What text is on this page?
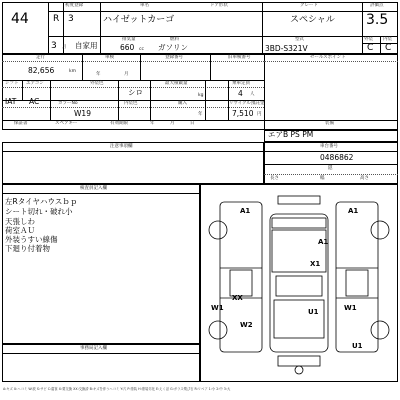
44
初度登録
R 3
ドア形状
車名
ハイゼットカーゴ
グレード
スペシャル
評価点
3.5
3 月 自家用
排気量
660 cc
燃料
ガソリン
型式
3BD-S321V
外装 内装
C C
走行
82,656	km
車検
年	月
登録番号	旧車検番号	セールスポイント
シフト エアコン
IAT AC
外装色
シロ
最大積載量
kg
乗車定員
4 人
カラーNo
W19
内装色	購入
年
リサイクル預託金
7,510 円
保証書	スペアキー	有効期限	年	月	日	装備
エアB PS PM
注意事項欄	車台番号
0486862
隠
長さ	幅	高さ
検査員記入欄
左Rタイヤハウスｂｐ
シート切れ・破れ小
天張しわ
荷室ＡＵ
外装うすい線傷
下廻り付着物
事務局記入欄
A1	A1
A1
X1
XX
W1
W2
W1
U1
U1
A:キズ U:ヘコミ W:波 S:サビ C:腐食 X:要交換 XX:交換済 B:キズを伴うヘコミ Y:穴 P:塗装 H:塗装劣化 E:えくぼ G:ガラス飛び石 R:リペア 1:小 2:中 3:大
